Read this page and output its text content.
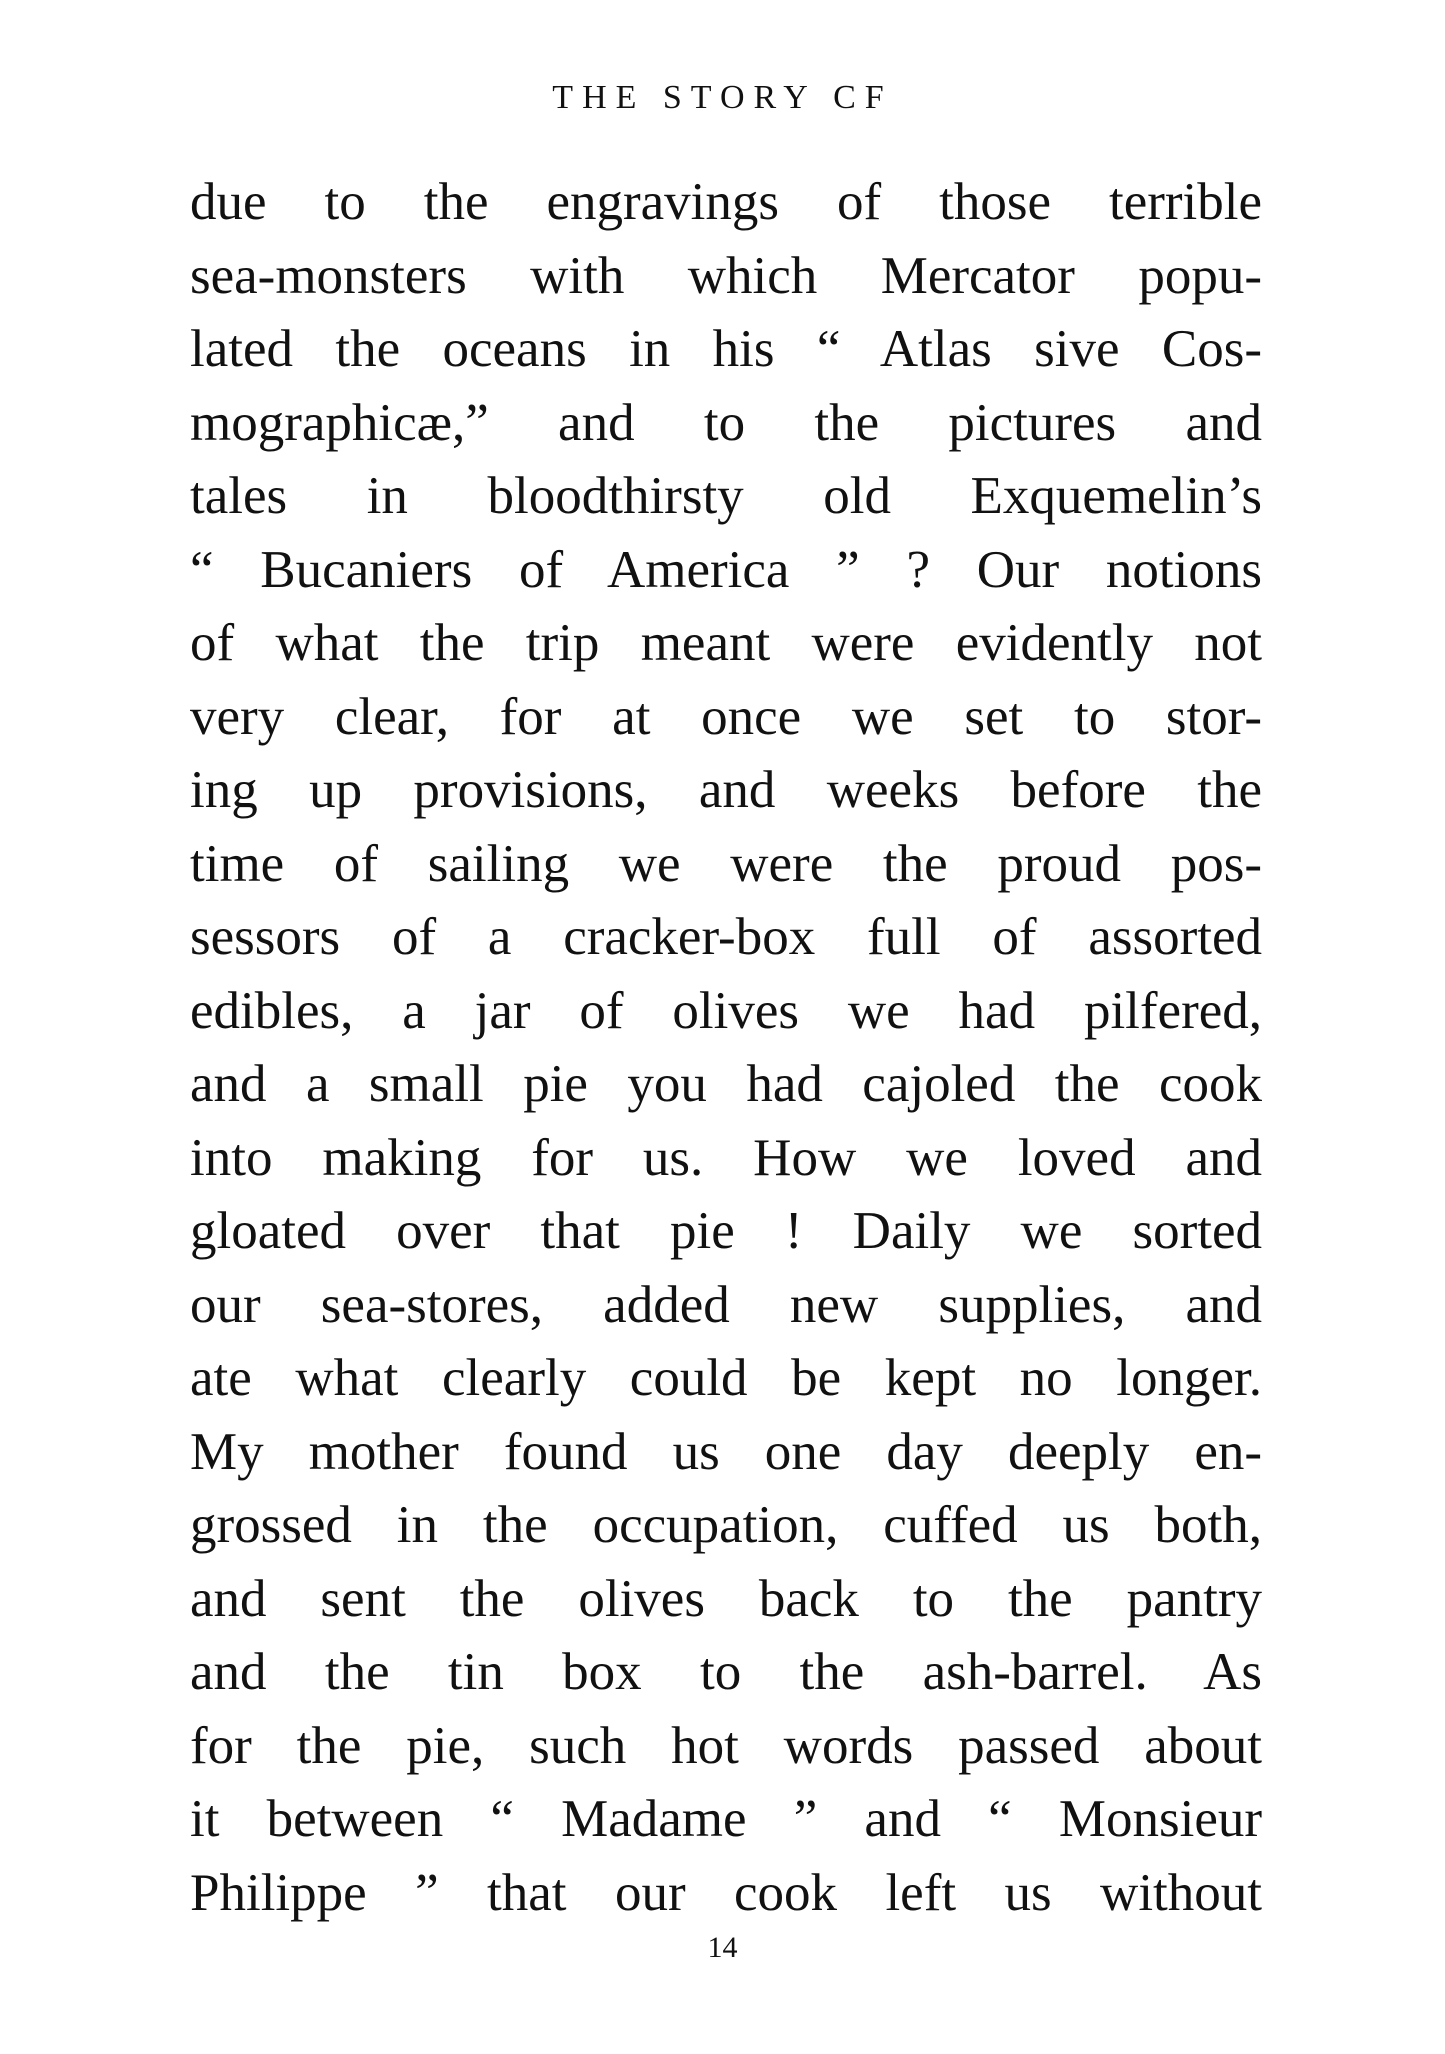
THE STORY CF
due to the engravings of those terrible
sea-monsters with which Mercator popu-
lated the oceans in his “ Atlas sive Cos-
mographicæ,” and to the pictures and
tales in bloodthirsty old Exquemelin’s
“ Bucaniers of America ” ? Our notions
of what the trip meant were evidently not
very clear, for at once we set to stor-
ing up provisions, and weeks before the
time of sailing we were the proud pos-
sessors of a cracker-box full of assorted
edibles, a jar of olives we had pilfered,
and a small pie you had cajoled the cook
into making for us. How we loved and
gloated over that pie ! Daily we sorted
our sea-stores, added new supplies, and
ate what clearly could be kept no longer.
My mother found us one day deeply en-
grossed in the occupation, cuffed us both,
and sent the olives back to the pantry
and the tin box to the ash-barrel. As
for the pie, such hot words passed about
it between “ Madame ” and “ Monsieur
Philippe ” that our cook left us without

14
